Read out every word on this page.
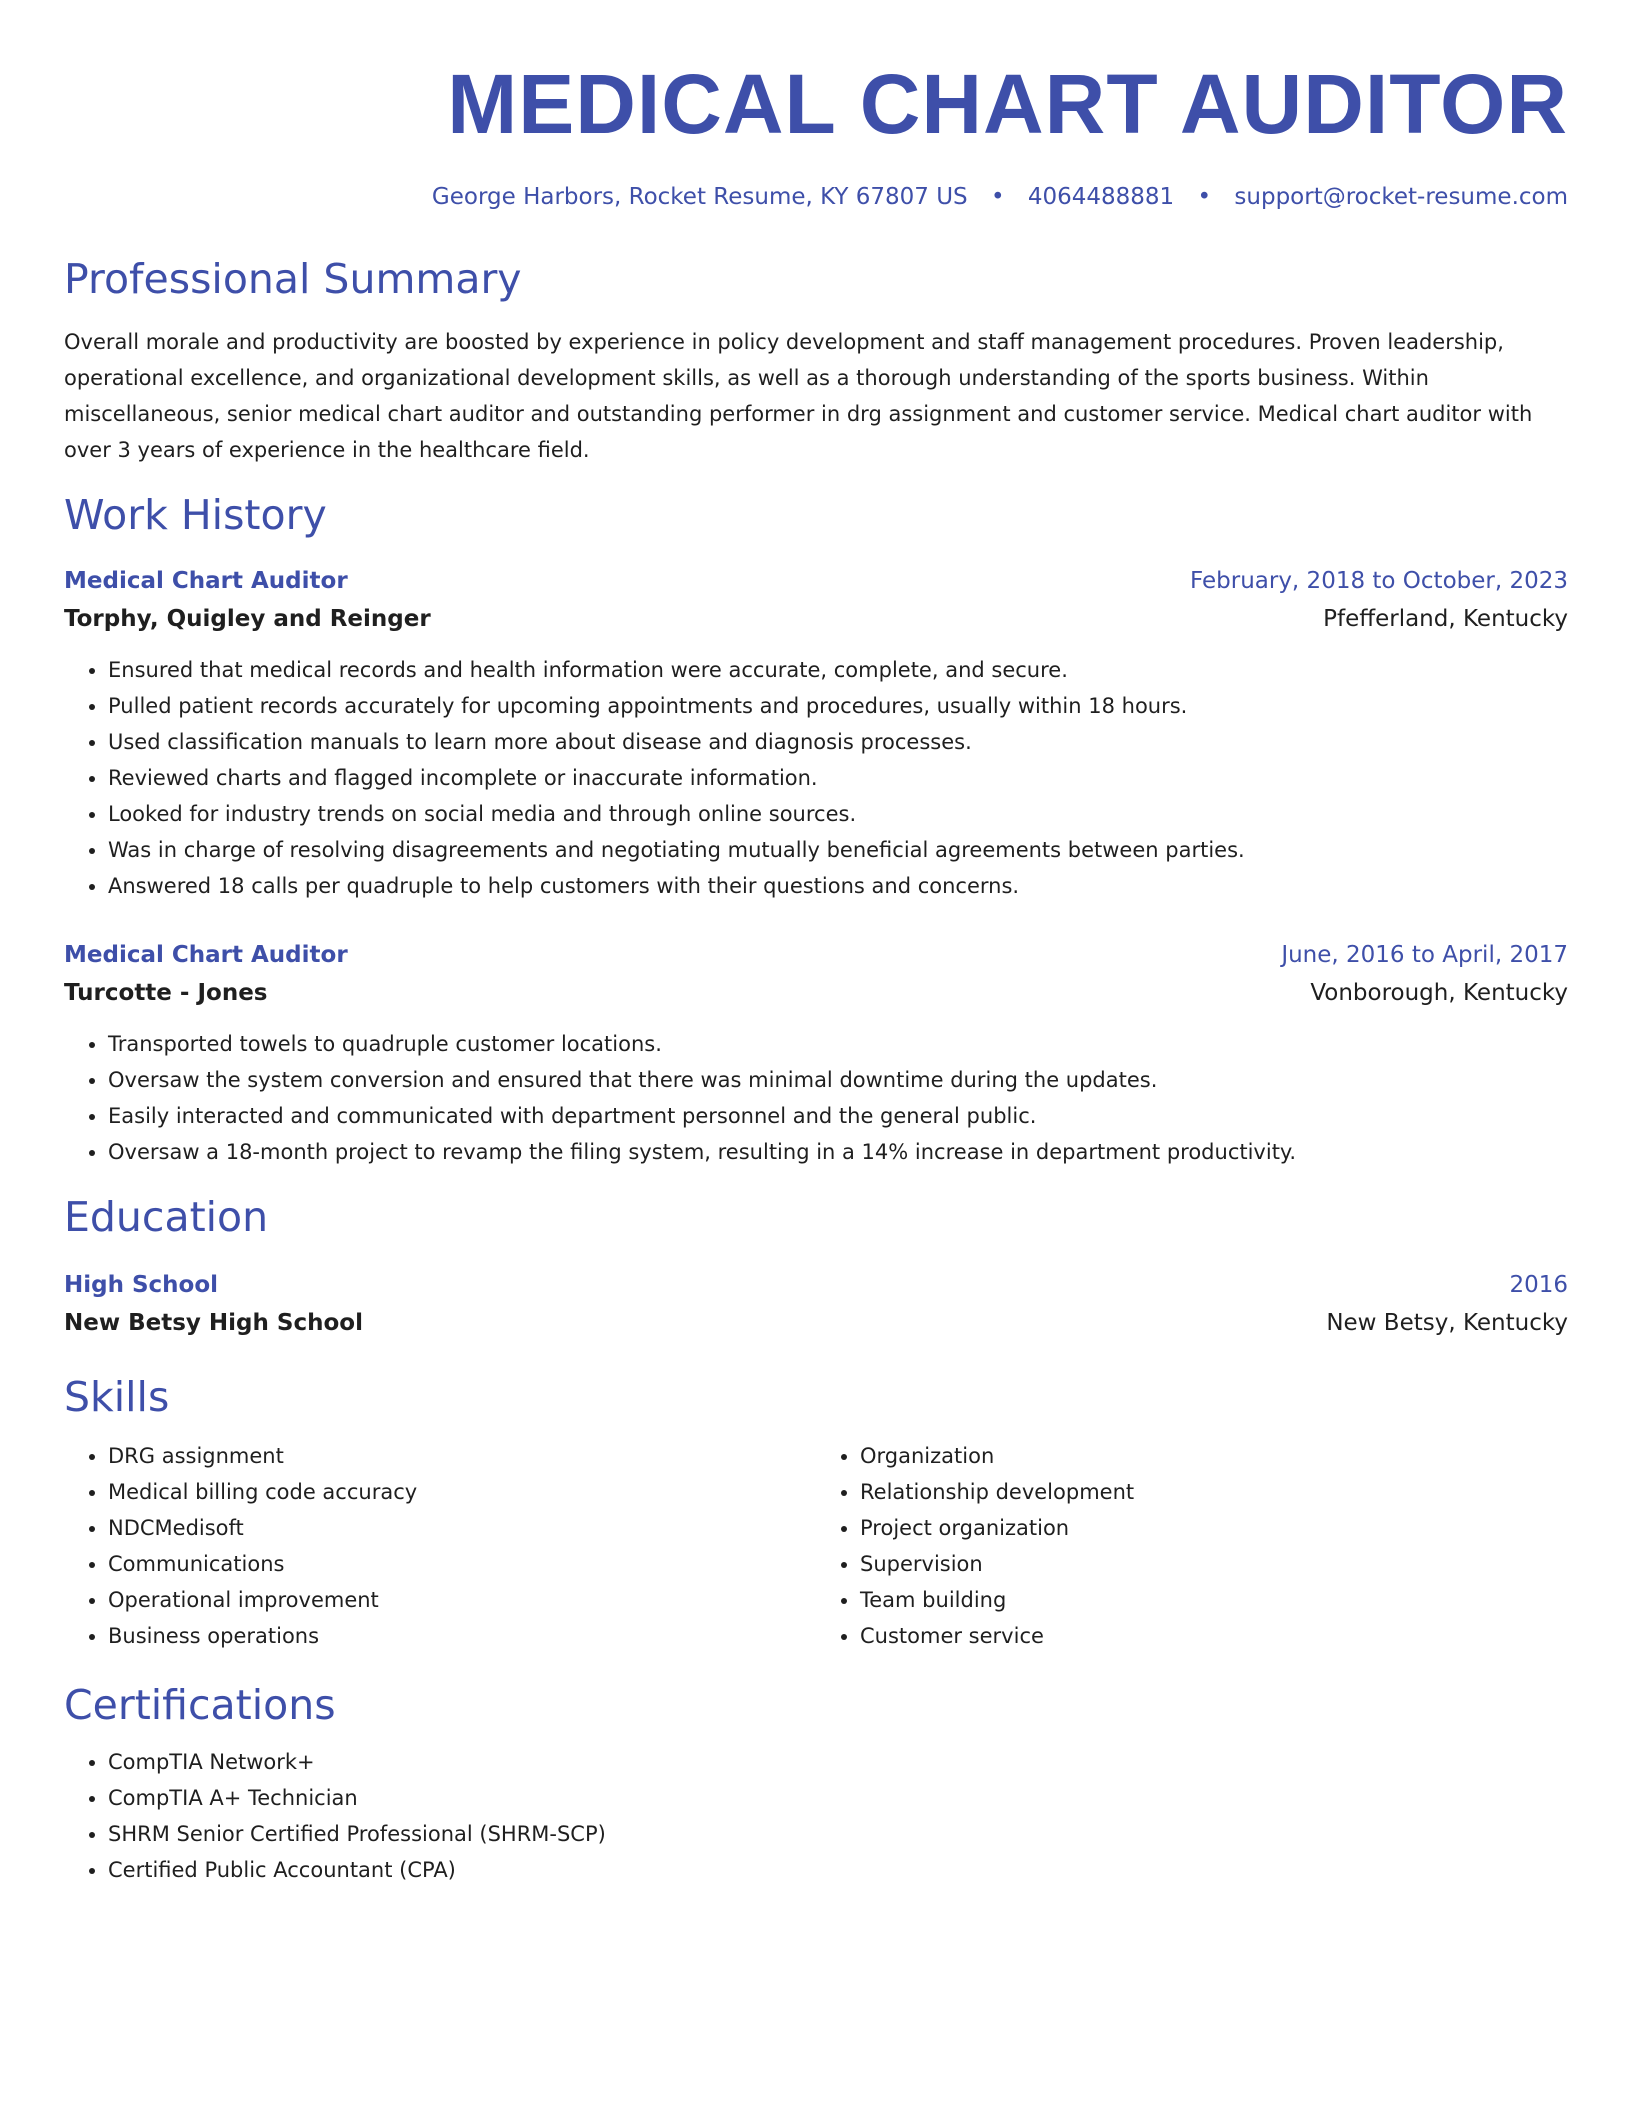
MEDICAL CHART AUDITOR
George Harbors, Rocket Resume, KY 67807 US • 4064488881 • support@rocket-resume.com
Professional Summary
Overall morale and productivity are boosted by experience in policy development and staff management procedures. Proven leadership, operational excellence, and organizational development skills, as well as a thorough understanding of the sports business. Within miscellaneous, senior medical chart auditor and outstanding performer in drg assignment and customer service. Medical chart auditor with over 3 years of experience in the healthcare field.
Work History
Medical Chart Auditor	February, 2018 to October, 2023
Torphy, Quigley and Reinger	Pfefferland, Kentucky
• Ensured that medical records and health information were accurate, complete, and secure.
• Pulled patient records accurately for upcoming appointments and procedures, usually within 18 hours.
• Used classification manuals to learn more about disease and diagnosis processes.
• Reviewed charts and flagged incomplete or inaccurate information.
• Looked for industry trends on social media and through online sources.
• Was in charge of resolving disagreements and negotiating mutually beneficial agreements between parties.
• Answered 18 calls per quadruple to help customers with their questions and concerns.
Medical Chart Auditor	June, 2016 to April, 2017
Turcotte - Jones	Vonborough, Kentucky
• Transported towels to quadruple customer locations.
• Oversaw the system conversion and ensured that there was minimal downtime during the updates.
• Easily interacted and communicated with department personnel and the general public.
• Oversaw a 18-month project to revamp the filing system, resulting in a 14% increase in department productivity.
Education
High School	2016
New Betsy High School	New Betsy, Kentucky
Skills
• DRG assignment
• Medical billing code accuracy
• NDCMedisoft
• Communications
• Operational improvement
• Business operations
• Organization
• Relationship development
• Project organization
• Supervision
• Team building
• Customer service
Certifications
• CompTIA Network+
• CompTIA A+ Technician
• SHRM Senior Certified Professional (SHRM-SCP)
• Certified Public Accountant (CPA)
